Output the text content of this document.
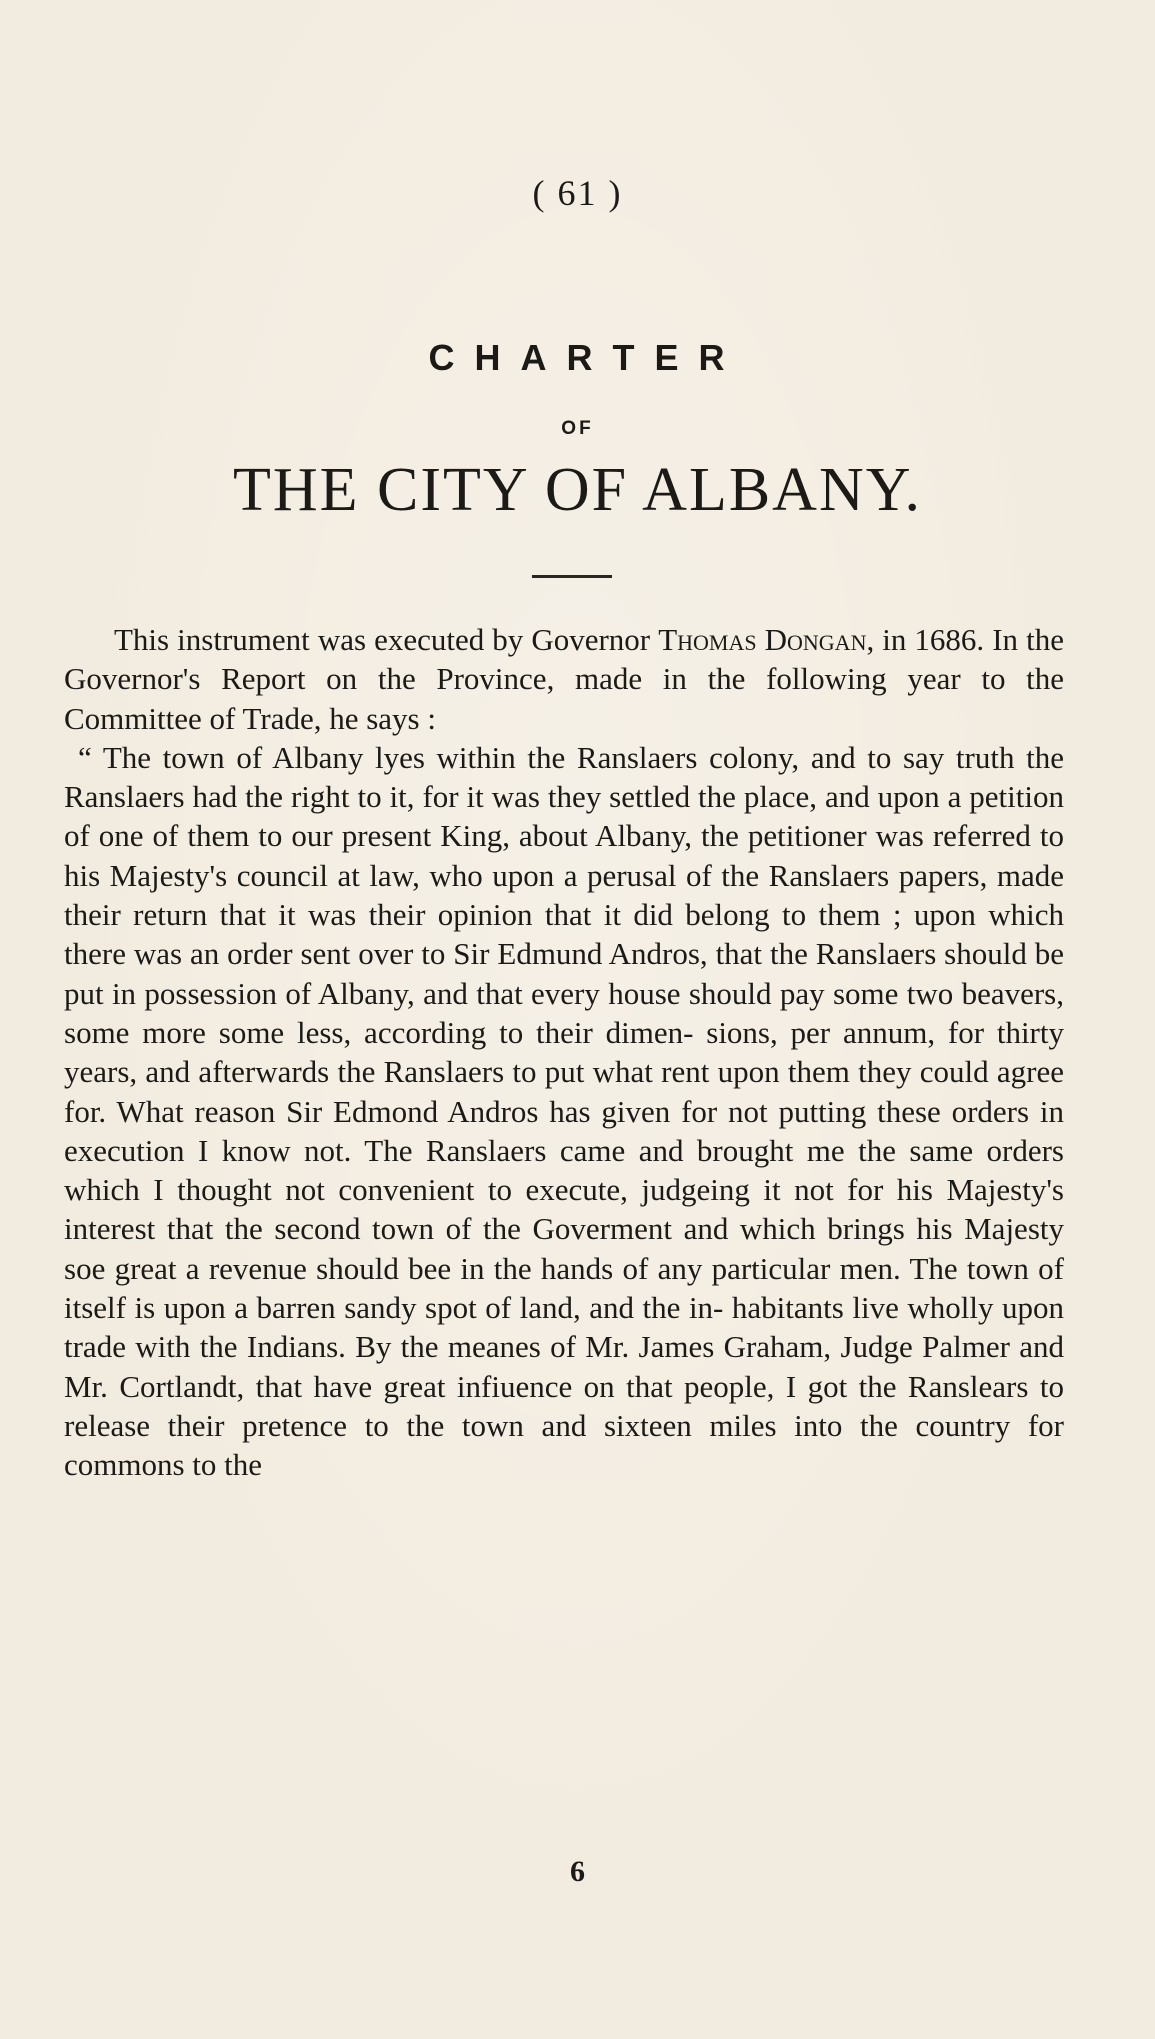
( 61 )
CHARTER
OF
THE CITY OF ALBANY.

This instrument was executed by Governor Thomas Dongan, in 1686. In the Governor's Report on the Province, made in the following year to the Committee of Trade, he says :

“ The town of Albany lyes within the Ranslaers colony, and to say truth the Ranslaers had the right to it, for it was they settled the place, and upon a petition of one of them to our present King, about Albany, the petitioner was referred to his Majesty's council at law, who upon a perusal of the Ranslaers papers, made their return that it was their opinion that it did belong to them ; upon which there was an order sent over to Sir Edmund Andros, that the Ranslaers should be put in possession of Albany, and that every house should pay some two beavers, some more some less, according to their dimen- sions, per annum, for thirty years, and afterwards the Ranslaers to put what rent upon them they could agree for. What reason Sir Edmond Andros has given for not putting these orders in execution I know not. The Ranslaers came and brought me the same orders which I thought not convenient to execute, judgeing it not for his Majesty's interest that the second town of the Goverment and which brings his Majesty soe great a revenue should bee in the hands of any particular men. The town of itself is upon a barren sandy spot of land, and the in- habitants live wholly upon trade with the Indians. By the meanes of Mr. James Graham, Judge Palmer and Mr. Cortlandt, that have great infiuence on that people, I got the Ranslears to release their pretence to the town and sixteen miles into the country for commons to the

6
